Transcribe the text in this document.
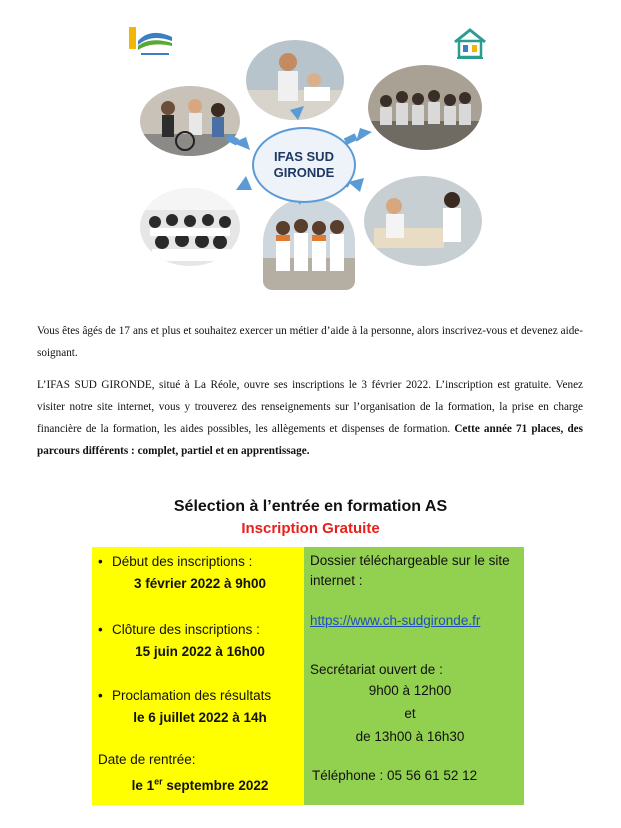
IFAS SUD
GIRONDE

Vous êtes âgés de 17 ans et plus et souhaitez exercer un métier d’aide à la personne, alors inscrivez-vous et devenez aide-soignant.

L’IFAS SUD GIRONDE, situé à La Réole, ouvre ses inscriptions le 3 février 2022. L’inscription est gratuite. Venez visiter notre site internet, vous y trouverez des renseignements sur l’organisation de la formation, la prise en charge financière de la formation, les aides possibles, les allègements et dispenses de formation. Cette année 71 places, des parcours différents : complet, partiel et en apprentissage.

Sélection à l’entrée en formation AS
Inscription Gratuite
• Début des inscriptions :
3 février 2022 à 9h00
• Clôture des inscriptions :
15 juin 2022 à 16h00
• Proclamation des résultats
le 6 juillet 2022 à 14h
Date de rentrée:
le 1er septembre 2022
Dossier téléchargeable sur le site internet :
https://www.ch-sudgironde.fr
Secrétariat ouvert de :
9h00 à 12h00
et
de 13h00 à 16h30
Téléphone : 05 56 61 52 12
